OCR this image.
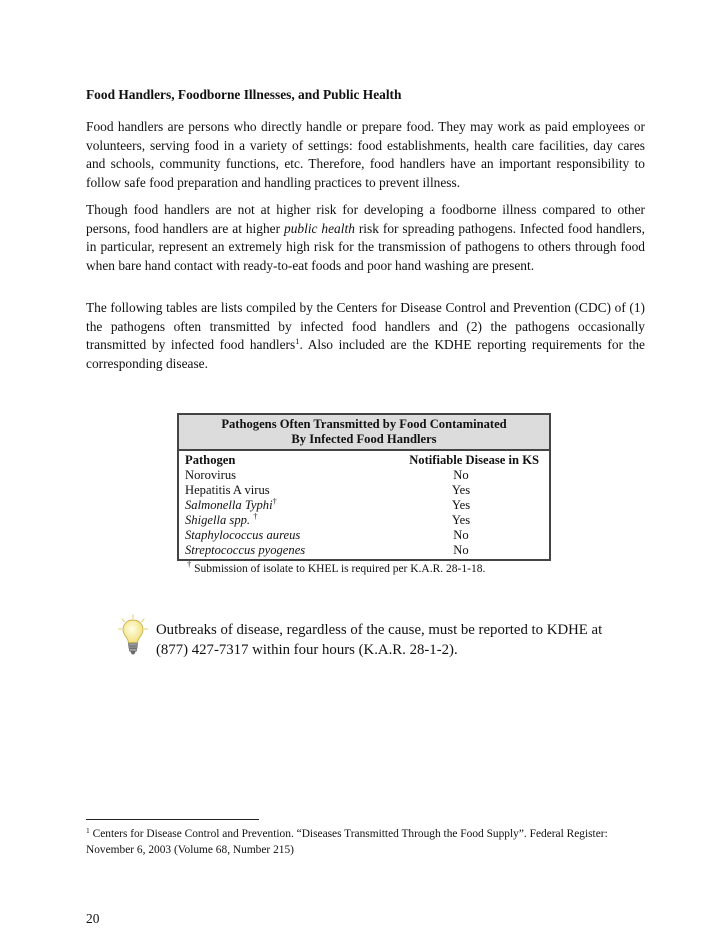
Food Handlers, Foodborne Illnesses, and Public Health

Food handlers are persons who directly handle or prepare food. They may work as paid employees or volunteers, serving food in a variety of settings: food establishments, health care facilities, day cares and schools, community functions, etc. Therefore, food handlers have an important responsibility to follow safe food preparation and handling practices to prevent illness.

Though food handlers are not at higher risk for developing a foodborne illness compared to other persons, food handlers are at higher public health risk for spreading pathogens. Infected food handlers, in particular, represent an extremely high risk for the transmission of pathogens to others through food when bare hand contact with ready-to-eat foods and poor hand washing are present.

The following tables are lists compiled by the Centers for Disease Control and Prevention (CDC) of (1) the pathogens often transmitted by infected food handlers and (2) the pathogens occasionally transmitted by infected food handlers$^1$. Also included are the KDHE reporting requirements for the corresponding disease.

Pathogens Often Transmitted by Food Contaminated
By Infected Food Handlers	

Pathogen	Notifiable Disease in KS
Norovirus	No
Hepatitis A virus	Yes
Salmonella Typhi†	Yes
Shigella spp. †	Yes
Staphylococcus aureus	No
Streptococcus pyogenes	No
† Submission of isolate to KHEL is required per K.A.R. 28-1-18.
Outbreaks of disease, regardless of the cause, must be reported to KDHE at
(877) 427-7317 within four hours (K.A.R. 28-1-2).
$^1$ Centers for Disease Control and Prevention. “Diseases Transmitted Through the Food Supply”. Federal Register:
November 6, 2003 (Volume 68, Number 215)
20
